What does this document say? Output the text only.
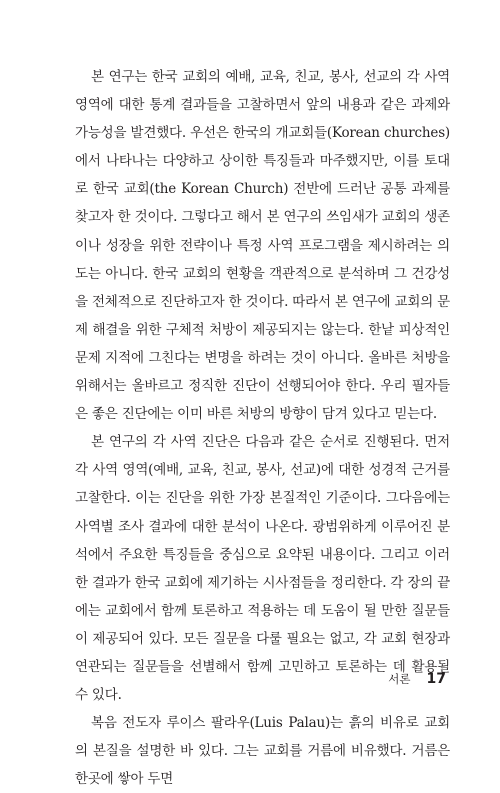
본 연구는 한국 교회의 예배, 교육, 친교, 봉사, 선교의 각 사역 영역에 대한 통계 결과들을 고찰하면서 앞의 내용과 같은 과제와 가능성을 발견했다. 우선은 한국의 개교회들(Korean churches)에서 나타나는 다양하고 상이한 특징들과 마주했지만, 이를 토대로 한국 교회(the Korean Church) 전반에 드러난 공통 과제를 찾고자 한 것이다. 그렇다고 해서 본 연구의 쓰임새가 교회의 생존이나 성장을 위한 전략이나 특정 사역 프로그램을 제시하려는 의도는 아니다. 한국 교회의 현황을 객관적으로 분석하며 그 건강성을 전체적으로 진단하고자 한 것이다. 따라서 본 연구에 교회의 문제 해결을 위한 구체적 처방이 제공되지는 않는다. 한낱 피상적인 문제 지적에 그친다는 변명을 하려는 것이 아니다. 올바른 처방을 위해서는 올바르고 정직한 진단이 선행되어야 한다. 우리 필자들은 좋은 진단에는 이미 바른 처방의 방향이 담겨 있다고 믿는다.

본 연구의 각 사역 진단은 다음과 같은 순서로 진행된다. 먼저 각 사역 영역(예배, 교육, 친교, 봉사, 선교)에 대한 성경적 근거를 고찰한다. 이는 진단을 위한 가장 본질적인 기준이다. 그다음에는 사역별 조사 결과에 대한 분석이 나온다. 광범위하게 이루어진 분석에서 주요한 특징들을 중심으로 요약된 내용이다. 그리고 이러한 결과가 한국 교회에 제기하는 시사점들을 정리한다. 각 장의 끝에는 교회에서 함께 토론하고 적용하는 데 도움이 될 만한 질문들이 제공되어 있다. 모든 질문을 다룰 필요는 없고, 각 교회 현장과 연관되는 질문들을 선별해서 함께 고민하고 토론하는 데 활용될 수 있다.

복음 전도자 루이스 팔라우(Luis Palau)는 흙의 비유로 교회의 본질을 설명한 바 있다. 그는 교회를 거름에 비유했다. 거름은 한곳에 쌓아 두면

서론 17
